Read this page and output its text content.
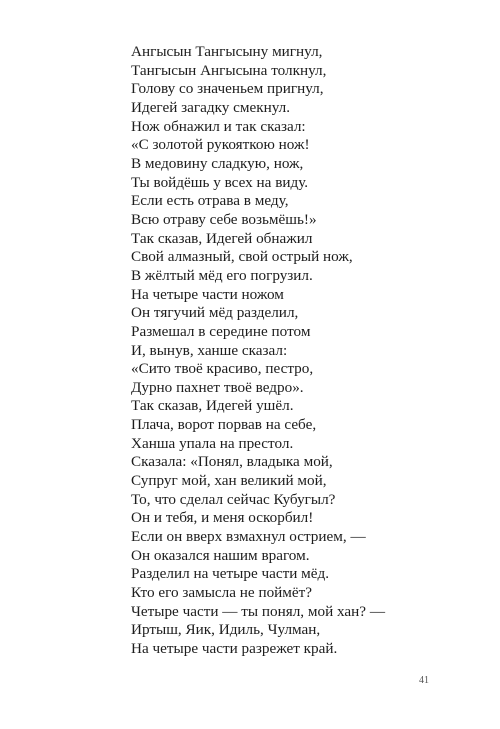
Ангысын Тангысыну мигнул,
Тангысын Ангысына толкнул,
Голову со значеньем пригнул,
Идегей загадку смекнул.
Нож обнажил и так сказал:
«С золотой рукояткою нож!
В медовину сладкую, нож,
Ты войдёшь у всех на виду.
Если есть отрава в меду,
Всю отраву себе возьмёшь!»
Так сказав, Идегей обнажил
Свой алмазный, свой острый нож,
В жёлтый мёд его погрузил.
На четыре части ножом
Он тягучий мёд разделил,
Размешал в середине потом
И, вынув, ханше сказал:
«Сито твоё красиво, пестро,
Дурно пахнет твоё ведро».
Так сказав, Идегей ушёл.
Плача, ворот порвав на себе,
Ханша упала на престол.
Сказала: «Понял, владыка мой,
Супруг мой, хан великий мой,
То, что сделал сейчас Кубугыл?
Он и тебя, и меня оскорбил!
Если он вверх взмахнул острием, —
Он оказался нашим врагом.
Разделил на четыре части мёд.
Кто его замысла не поймёт?
Четыре части — ты понял, мой хан? —
Иртыш, Яик, Идиль, Чулман,
На четыре части разрежет край.
41
